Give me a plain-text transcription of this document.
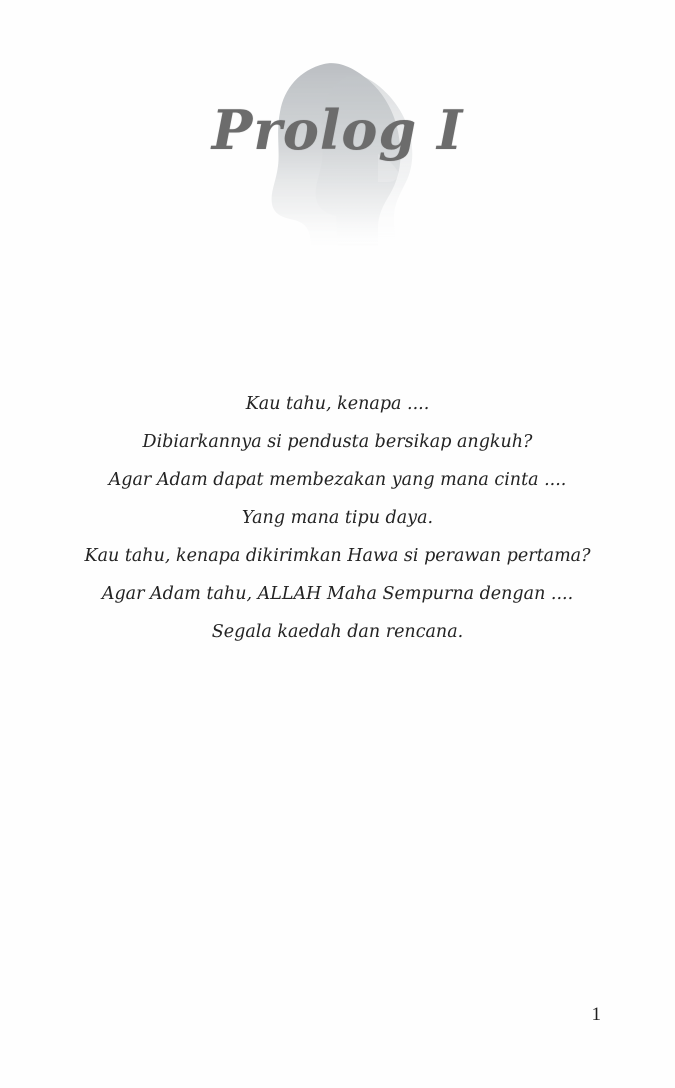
Prolog I
Kau tahu, kenapa ....
Dibiarkannya si pendusta bersikap angkuh?
Agar Adam dapat membezakan yang mana cinta ....
Yang mana tipu daya.
Kau tahu, kenapa dikirimkan Hawa si perawan pertama?
Agar Adam tahu, ALLAH Maha Sempurna dengan ....
Segala kaedah dan rencana.
1
